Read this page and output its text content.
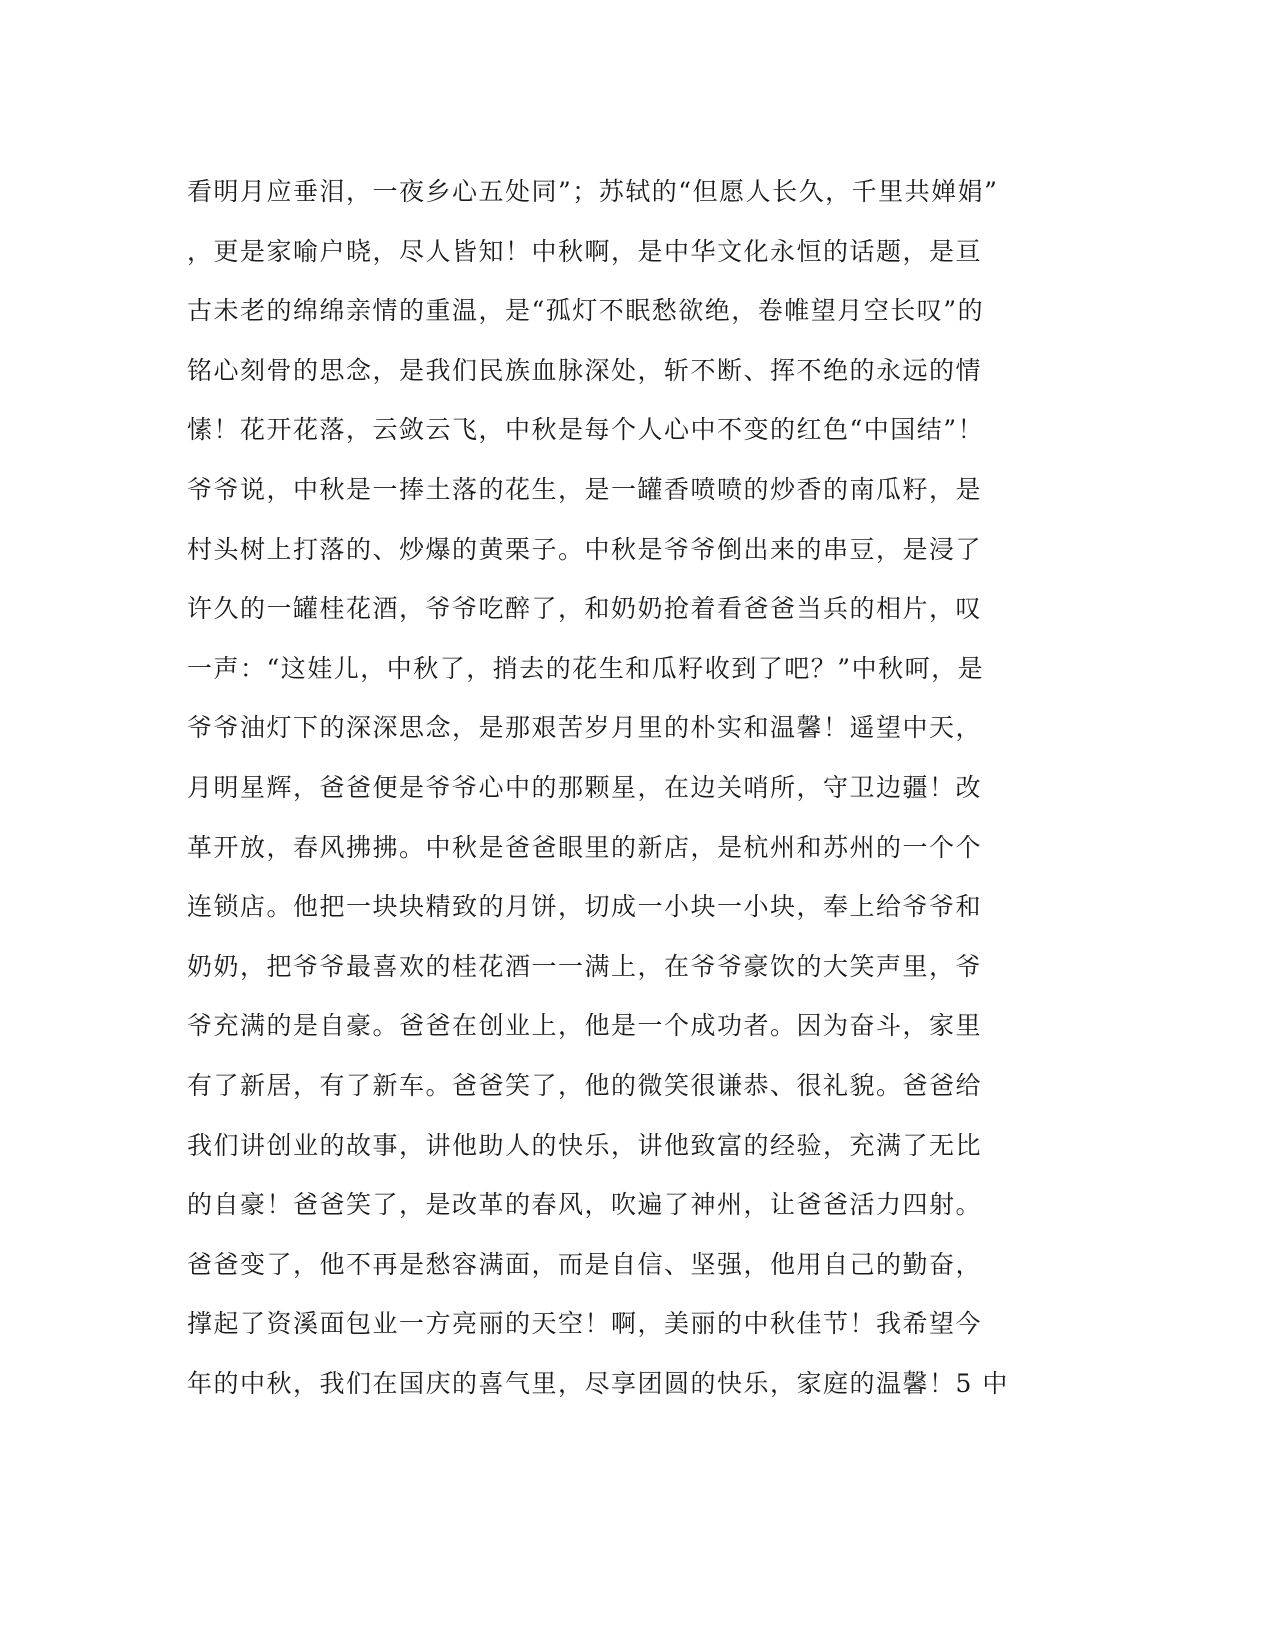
看明月应垂泪，一夜乡心五处同”；苏轼的“但愿人长久，千里共婵娟”
，更是家喻户晓，尽人皆知！中秋啊，是中华文化永恒的话题，是亘
古未老的绵绵亲情的重温，是“孤灯不眠愁欲绝，卷帷望月空长叹”的
铭心刻骨的思念，是我们民族血脉深处，斩不断、挥不绝的永远的情
愫！花开花落，云敛云飞，中秋是每个人心中不变的红色“中国结”！
爷爷说，中秋是一捧土落的花生，是一罐香喷喷的炒香的南瓜籽，是
村头树上打落的、炒爆的黄栗子。中秋是爷爷倒出来的串豆，是浸了
许久的一罐桂花酒，爷爷吃醉了，和奶奶抢着看爸爸当兵的相片，叹
一声：“这娃儿，中秋了，捎去的花生和瓜籽收到了吧？”中秋呵，是
爷爷油灯下的深深思念，是那艰苦岁月里的朴实和温馨！遥望中天，
月明星辉，爸爸便是爷爷心中的那颗星，在边关哨所，守卫边疆！改
革开放，春风拂拂。中秋是爸爸眼里的新店，是杭州和苏州的一个个
连锁店。他把一块块精致的月饼，切成一小块一小块，奉上给爷爷和
奶奶，把爷爷最喜欢的桂花酒一一满上，在爷爷豪饮的大笑声里，爷
爷充满的是自豪。爸爸在创业上，他是一个成功者。因为奋斗，家里
有了新居，有了新车。爸爸笑了，他的微笑很谦恭、很礼貌。爸爸给
我们讲创业的故事，讲他助人的快乐，讲他致富的经验，充满了无比
的自豪！爸爸笑了，是改革的春风，吹遍了神州，让爸爸活力四射。
爸爸变了，他不再是愁容满面，而是自信、坚强，他用自己的勤奋，
撑起了资溪面包业一方亮丽的天空！啊，美丽的中秋佳节！我希望今
年的中秋，我们在国庆的喜气里，尽享团圆的快乐，家庭的温馨！5 中
